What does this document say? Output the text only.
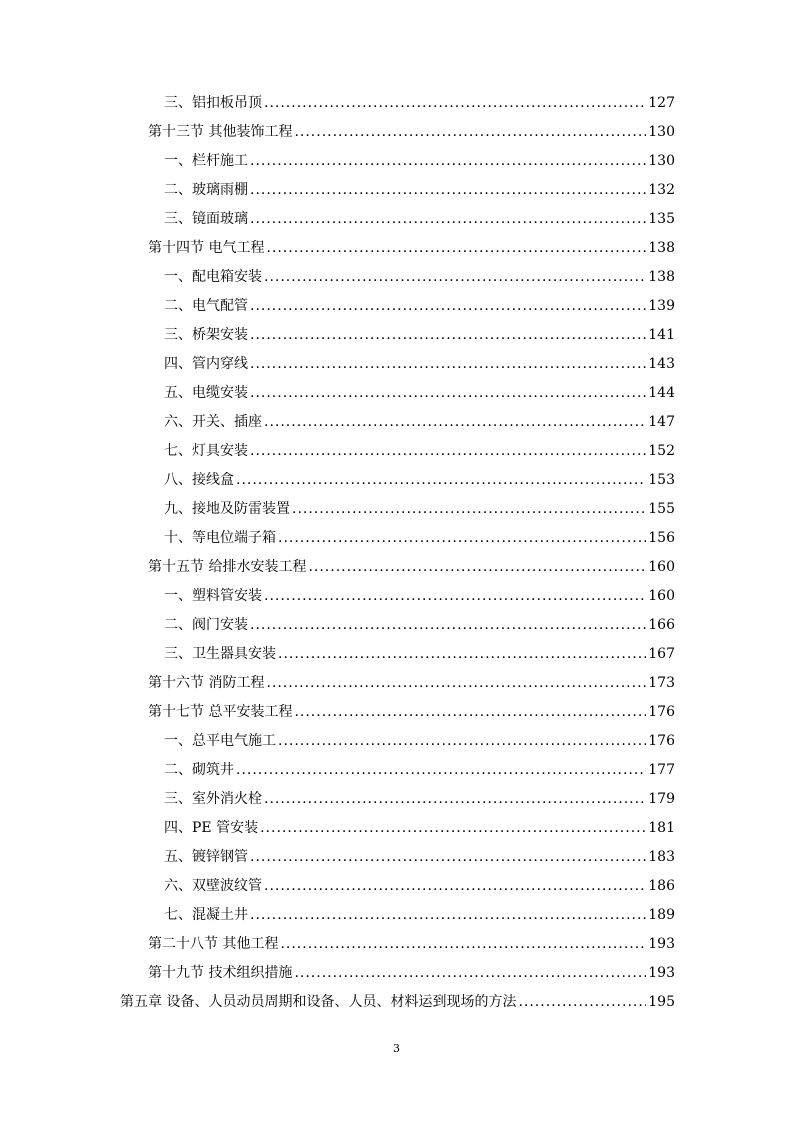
三、铝扣板吊顶 .....	127
第十三节 其他装饰工程 .....	130
一、栏杆施工 .....	130
二、玻璃雨棚 .....	132
三、镜面玻璃 .....	135
第十四节 电气工程 .....	138
一、配电箱安装 .....	138
二、电气配管 .....	139
三、桥架安装 .....	141
四、管内穿线 .....	143
五、电缆安装 .....	144
六、开关、插座 .....	147
七、灯具安装 .....	152
八、接线盒 .....	153
九、接地及防雷装置 .....	155
十、等电位端子箱 .....	156
第十五节 给排水安装工程 .....	160
一、塑料管安装 .....	160
二、阀门安装 .....	166
三、卫生器具安装 .....	167
第十六节 消防工程 .....	173
第十七节 总平安装工程 .....	176
一、总平电气施工 .....	176
二、砌筑井 .....	177
三、室外消火栓 .....	179
四、PE 管安装 .....	181
五、镀锌钢管 .....	183
六、双壁波纹管 .....	186
七、混凝土井 .....	189
第二十八节 其他工程 .....	193
第十九节 技术组织措施 .....	193
第五章 设备、人员动员周期和设备、人员、材料运到现场的方法 .....	195
3
